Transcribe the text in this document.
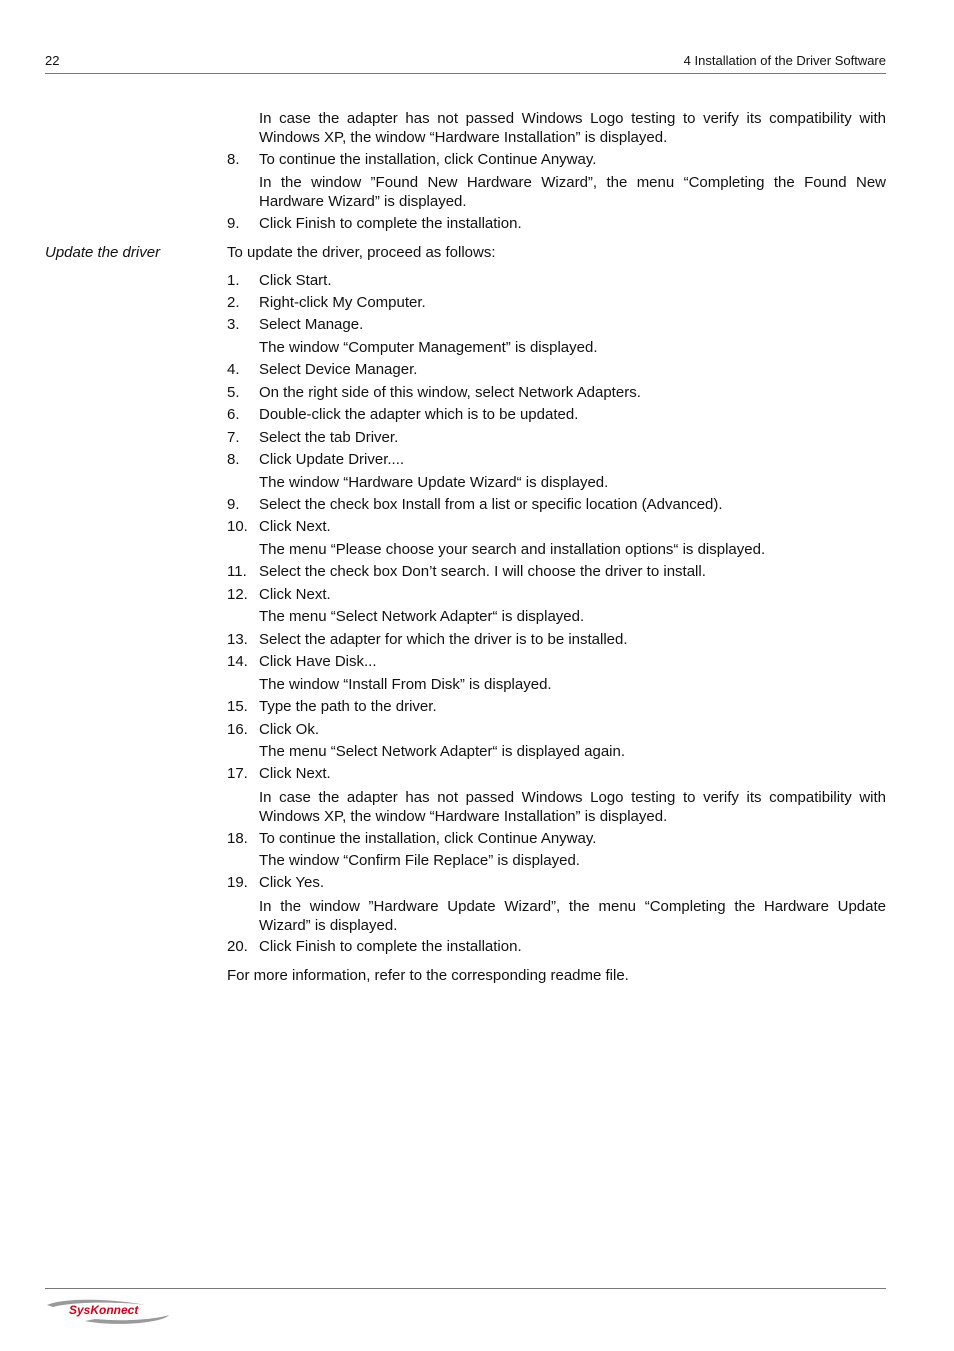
22	4 Installation of the Driver Software
In case the adapter has not passed Windows Logo testing to verify its compatibility with Windows XP, the window “Hardware Installation” is displayed.
8. To continue the installation, click Continue Anyway.
In the window ”Found New Hardware Wizard”, the menu “Completing the Found New Hardware Wizard” is displayed.
9. Click Finish to complete the installation.
Update the driver	To update the driver, proceed as follows:
1. Click Start.
2. Right-click My Computer.
3. Select Manage.
The window “Computer Management” is displayed.
4. Select Device Manager.
5. On the right side of this window, select Network Adapters.
6. Double-click the adapter which is to be updated.
7. Select the tab Driver.
8. Click Update Driver....
The window “Hardware Update Wizard“ is displayed.
9. Select the check box Install from a list or specific location (Advanced).
10. Click Next.
The menu “Please choose your search and installation options“ is displayed.
11. Select the check box Don’t search. I will choose the driver to install.
12. Click Next.
The menu “Select Network Adapter“ is displayed.
13. Select the adapter for which the driver is to be installed.
14. Click Have Disk...
The window “Install From Disk” is displayed.
15. Type the path to the driver.
16. Click Ok.
The menu “Select Network Adapter“ is displayed again.
17. Click Next.
In case the adapter has not passed Windows Logo testing to verify its compatibility with Windows XP, the window “Hardware Installation” is displayed.
18. To continue the installation, click Continue Anyway.
The window “Confirm File Replace” is displayed.
19. Click Yes.
In the window ”Hardware Update Wizard”, the menu “Completing the Hardware Update Wizard” is displayed.
20. Click Finish to complete the installation.
For more information, refer to the corresponding readme file.
SysKonnect
